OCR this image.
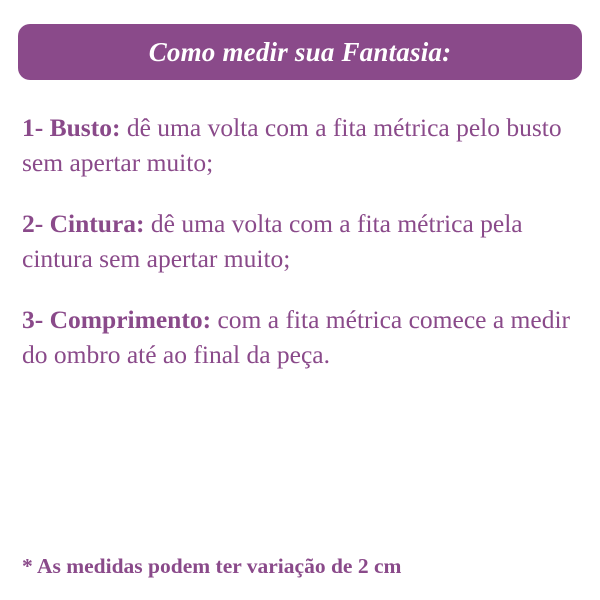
Como medir sua Fantasia:
1- Busto: dê uma volta com a fita métrica pelo busto sem apertar muito;
2- Cintura: dê uma volta com a fita métrica pela cintura sem apertar muito;
3- Comprimento: com a fita métrica comece a medir do ombro até ao final da peça.
* As medidas podem ter variação de 2 cm
